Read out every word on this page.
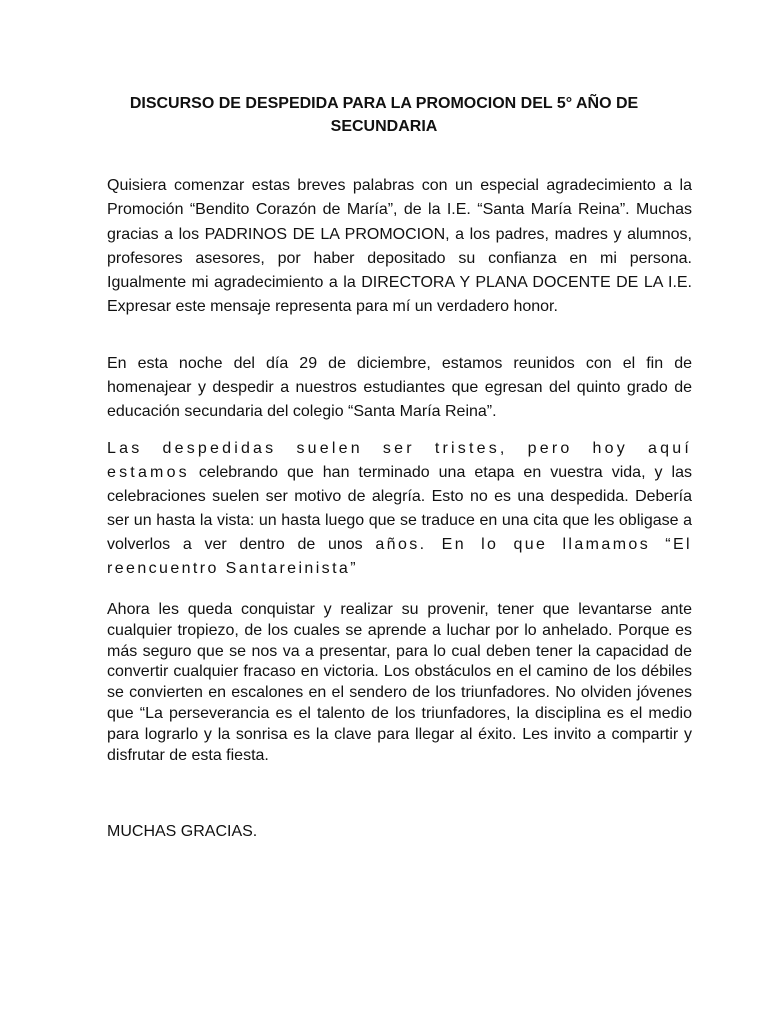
DISCURSO DE DESPEDIDA PARA LA PROMOCION DEL 5° AÑO DE SECUNDARIA

Quisiera comenzar estas breves palabras con un especial agradecimiento a la Promoción “Bendito Corazón de María”, de la I.E. “Santa María Reina”. Muchas gracias a los PADRINOS DE LA PROMOCION, a los padres, madres y alumnos, profesores asesores, por haber depositado su confianza en mi persona. Igualmente mi agradecimiento a la DIRECTORA Y PLANA DOCENTE DE LA I.E. Expresar este mensaje representa para mí un verdadero honor.

En esta noche del día 29 de diciembre, estamos reunidos con el fin de homenajear y despedir a nuestros estudiantes que egresan del quinto grado de educación secundaria del colegio “Santa María Reina”.

Las despedidas suelen ser tristes, pero hoy aquí estamos celebrando que han terminado una etapa en vuestra vida, y las celebraciones suelen ser motivo de alegría. Esto no es una despedida. Debería ser un hasta la vista: un hasta luego que se traduce en una cita que les obligase a volverlos a ver dentro de unos años. En lo que llamamos “El reencuentro Santareinista”

Ahora les queda conquistar y realizar su provenir, tener que levantarse ante cualquier tropiezo, de los cuales se aprende a luchar por lo anhelado. Porque es más seguro que se nos va a presentar, para lo cual deben tener la capacidad de convertir cualquier fracaso en victoria. Los obstáculos en el camino de los débiles se convierten en escalones en el sendero de los triunfadores. No olviden jóvenes que “La perseverancia es el talento de los triunfadores, la disciplina es el medio para lograrlo y la sonrisa es la clave para llegar al éxito. Les invito a compartir y disfrutar de esta fiesta.

MUCHAS GRACIAS.
